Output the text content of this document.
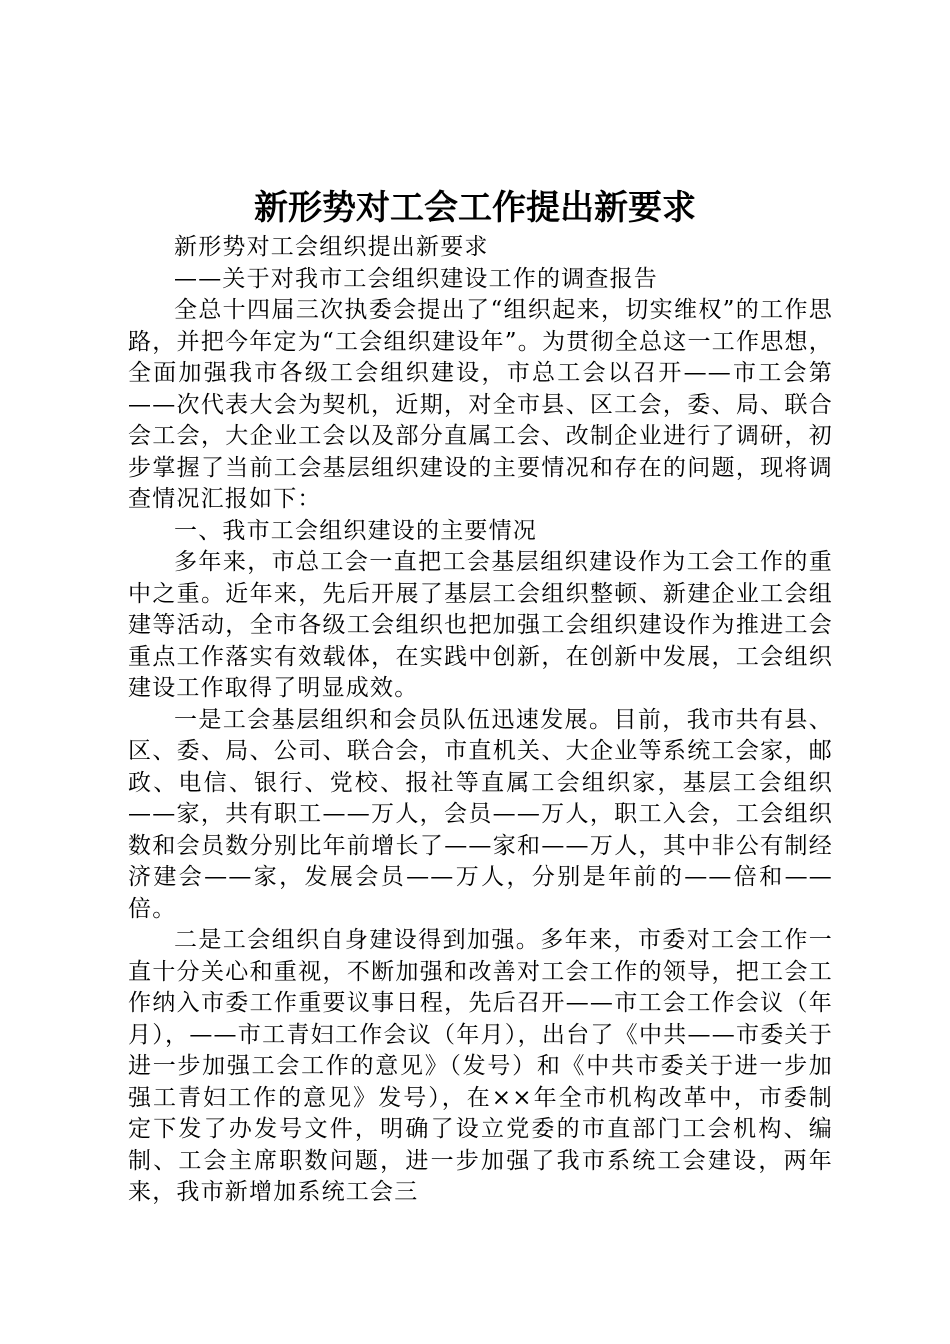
新形势对工会工作提出新要求

新形势对工会组织提出新要求

——关于对我市工会组织建设工作的调查报告

全总十四届三次执委会提出了“组织起来，切实维权”的工作思路，并把今年定为“工会组织建设年”。为贯彻全总这一工作思想，全面加强我市各级工会组织建设，市总工会以召开——市工会第——次代表大会为契机，近期，对全市县、区工会，委、局、联合会工会，大企业工会以及部分直属工会、改制企业进行了调研，初步掌握了当前工会基层组织建设的主要情况和存在的问题，现将调查情况汇报如下：

一、我市工会组织建设的主要情况

多年来，市总工会一直把工会基层组织建设作为工会工作的重中之重。近年来，先后开展了基层工会组织整顿、新建企业工会组建等活动，全市各级工会组织也把加强工会组织建设作为推进工会重点工作落实有效载体，在实践中创新，在创新中发展，工会组织建设工作取得了明显成效。

一是工会基层组织和会员队伍迅速发展。目前，我市共有县、区、委、局、公司、联合会，市直机关、大企业等系统工会家，邮政、电信、银行、党校、报社等直属工会组织家，基层工会组织——家，共有职工——万人，会员——万人，职工入会，工会组织数和会员数分别比年前增长了——家和——万人，其中非公有制经济建会——家，发展会员——万人，分别是年前的——倍和——倍。

二是工会组织自身建设得到加强。多年来，市委对工会工作一直十分关心和重视，不断加强和改善对工会工作的领导，把工会工作纳入市委工作重要议事日程，先后召开——市工会工作会议（年月），——市工青妇工作会议（年月），出台了《中共——市委关于进一步加强工会工作的意见》（发号）和《中共市委关于进一步加强工青妇工作的意见》发号），在××年全市机构改革中，市委制定下发了办发号文件，明确了设立党委的市直部门工会机构、编制、工会主席职数问题，进一步加强了我市系统工会建设，两年来，我市新增加系统工会三
